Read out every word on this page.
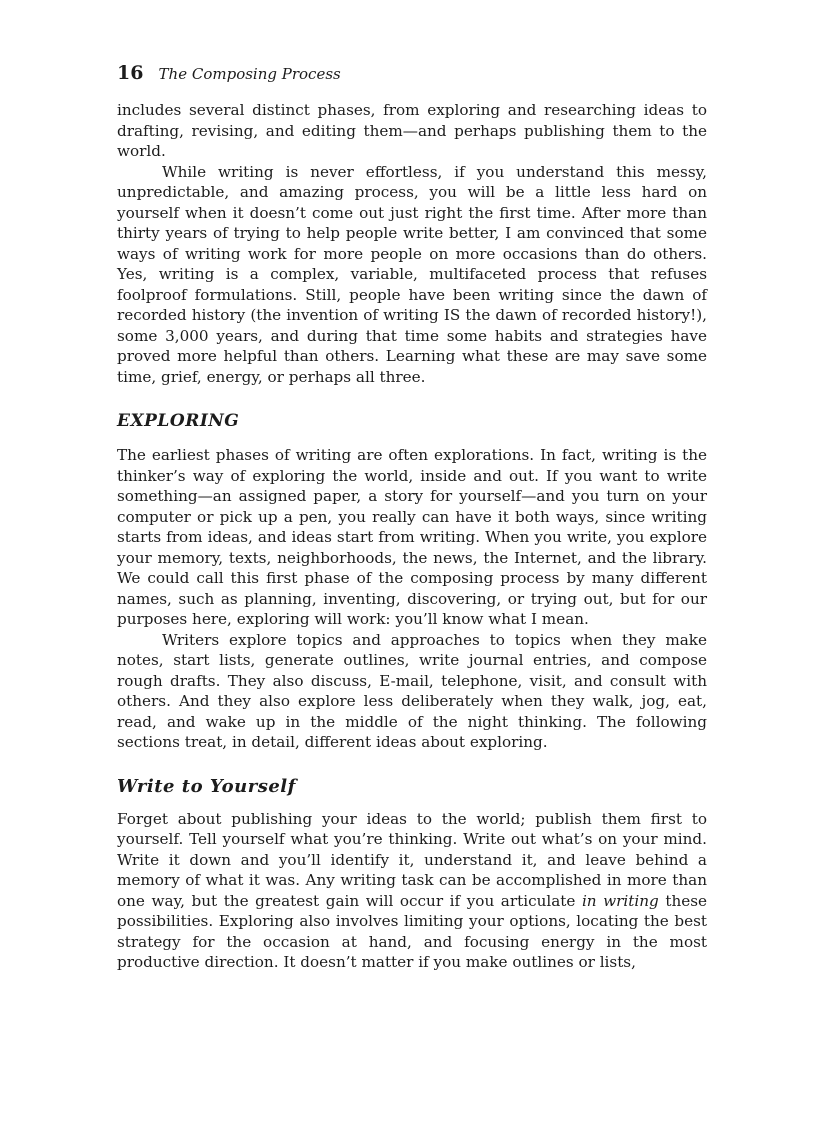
16 The Composing Process

includes several distinct phases, from exploring and researching ideas to drafting, revising, and editing them—and perhaps publishing them to the world.

While writing is never effortless, if you understand this messy, unpredictable, and amazing process, you will be a little less hard on yourself when it doesn’t come out just right the first time. After more than thirty years of trying to help people write better, I am convinced that some ways of writing work for more people on more occasions than do others. Yes, writing is a complex, variable, multifaceted process that refuses foolproof formulations. Still, people have been writing since the dawn of recorded history (the invention of writing IS the dawn of recorded history!), some 3,000 years, and during that time some habits and strategies have proved more helpful than others. Learning what these are may save some time, grief, energy, or perhaps all three.

EXPLORING

The earliest phases of writing are often explorations. In fact, writing is the thinker’s way of exploring the world, inside and out. If you want to write something—an assigned paper, a story for yourself—and you turn on your computer or pick up a pen, you really can have it both ways, since writing starts from ideas, and ideas start from writing. When you write, you explore your memory, texts, neighborhoods, the news, the Internet, and the library. We could call this first phase of the composing process by many different names, such as planning, inventing, discovering, or trying out, but for our purposes here, exploring will work: you’ll know what I mean.

Writers explore topics and approaches to topics when they make notes, start lists, generate outlines, write journal entries, and compose rough drafts. They also discuss, E-mail, telephone, visit, and consult with others. And they also explore less deliberately when they walk, jog, eat, read, and wake up in the middle of the night thinking. The following sections treat, in detail, different ideas about exploring.

Write to Yourself

Forget about publishing your ideas to the world; publish them first to yourself. Tell yourself what you’re thinking. Write out what’s on your mind. Write it down and you’ll identify it, understand it, and leave behind a memory of what it was. Any writing task can be accomplished in more than one way, but the greatest gain will occur if you articulate in writing these possibilities. Exploring also involves limiting your options, locating the best strategy for the occasion at hand, and focusing energy in the most productive direction. It doesn’t matter if you make outlines or lists,
